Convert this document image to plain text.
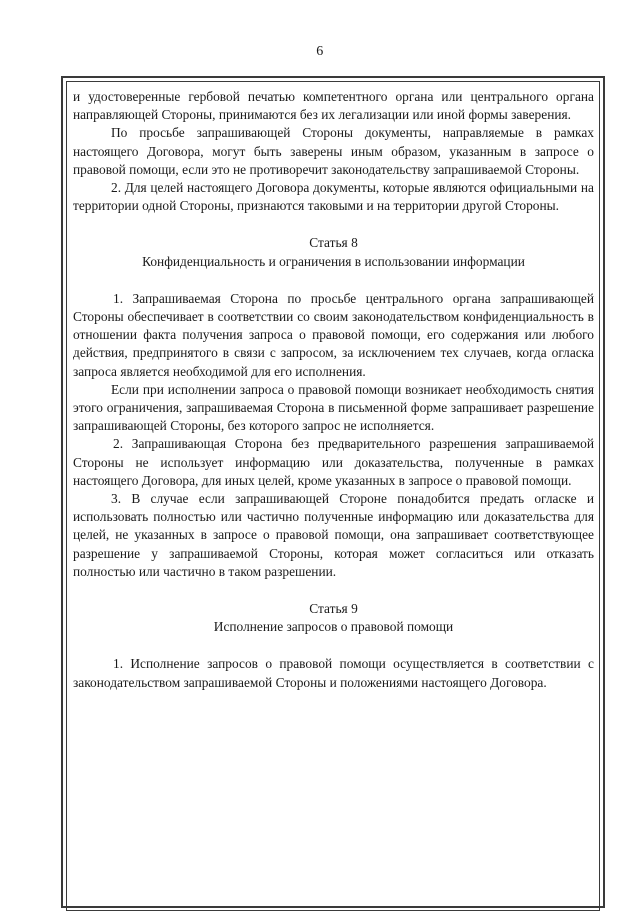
6

и удостоверенные гербовой печатью компетентного органа или центрального органа направляющей Стороны, принимаются без их легализации или иной формы заверения.

По просьбе запрашивающей Стороны документы, направляемые в рамках настоящего Договора, могут быть заверены иным образом, указанным в запросе о правовой помощи, если это не противоречит законодательству запрашиваемой Стороны.

2. Для целей настоящего Договора документы, которые являются официальными на территории одной Стороны, признаются таковыми и на территории другой Стороны.

Статья 8

Конфиденциальность и ограничения в использовании информации

1. Запрашиваемая Сторона по просьбе центрального органа запрашивающей Стороны обеспечивает в соответствии со своим законодательством конфиденциальность в отношении факта получения запроса о правовой помощи, его содержания или любого действия, предпринятого в связи с запросом, за исключением тех случаев, когда огласка запроса является необходимой для его исполнения.

Если при исполнении запроса о правовой помощи возникает необходимость снятия этого ограничения, запрашиваемая Сторона в письменной форме запрашивает разрешение запрашивающей Стороны, без которого запрос не исполняется.

2. Запрашивающая Сторона без предварительного разрешения запрашиваемой Стороны не использует информацию или доказательства, полученные в рамках настоящего Договора, для иных целей, кроме указанных в запросе о правовой помощи.

3. В случае если запрашивающей Стороне понадобится предать огласке и использовать полностью или частично полученные информацию или доказательства для целей, не указанных в запросе о правовой помощи, она запрашивает соответствующее разрешение у запрашиваемой Стороны, которая может согласиться или отказать полностью или частично в таком разрешении.

Статья 9

Исполнение запросов о правовой помощи

1. Исполнение запросов о правовой помощи осуществляется в соответствии с законодательством запрашиваемой Стороны и положениями настоящего Договора.
